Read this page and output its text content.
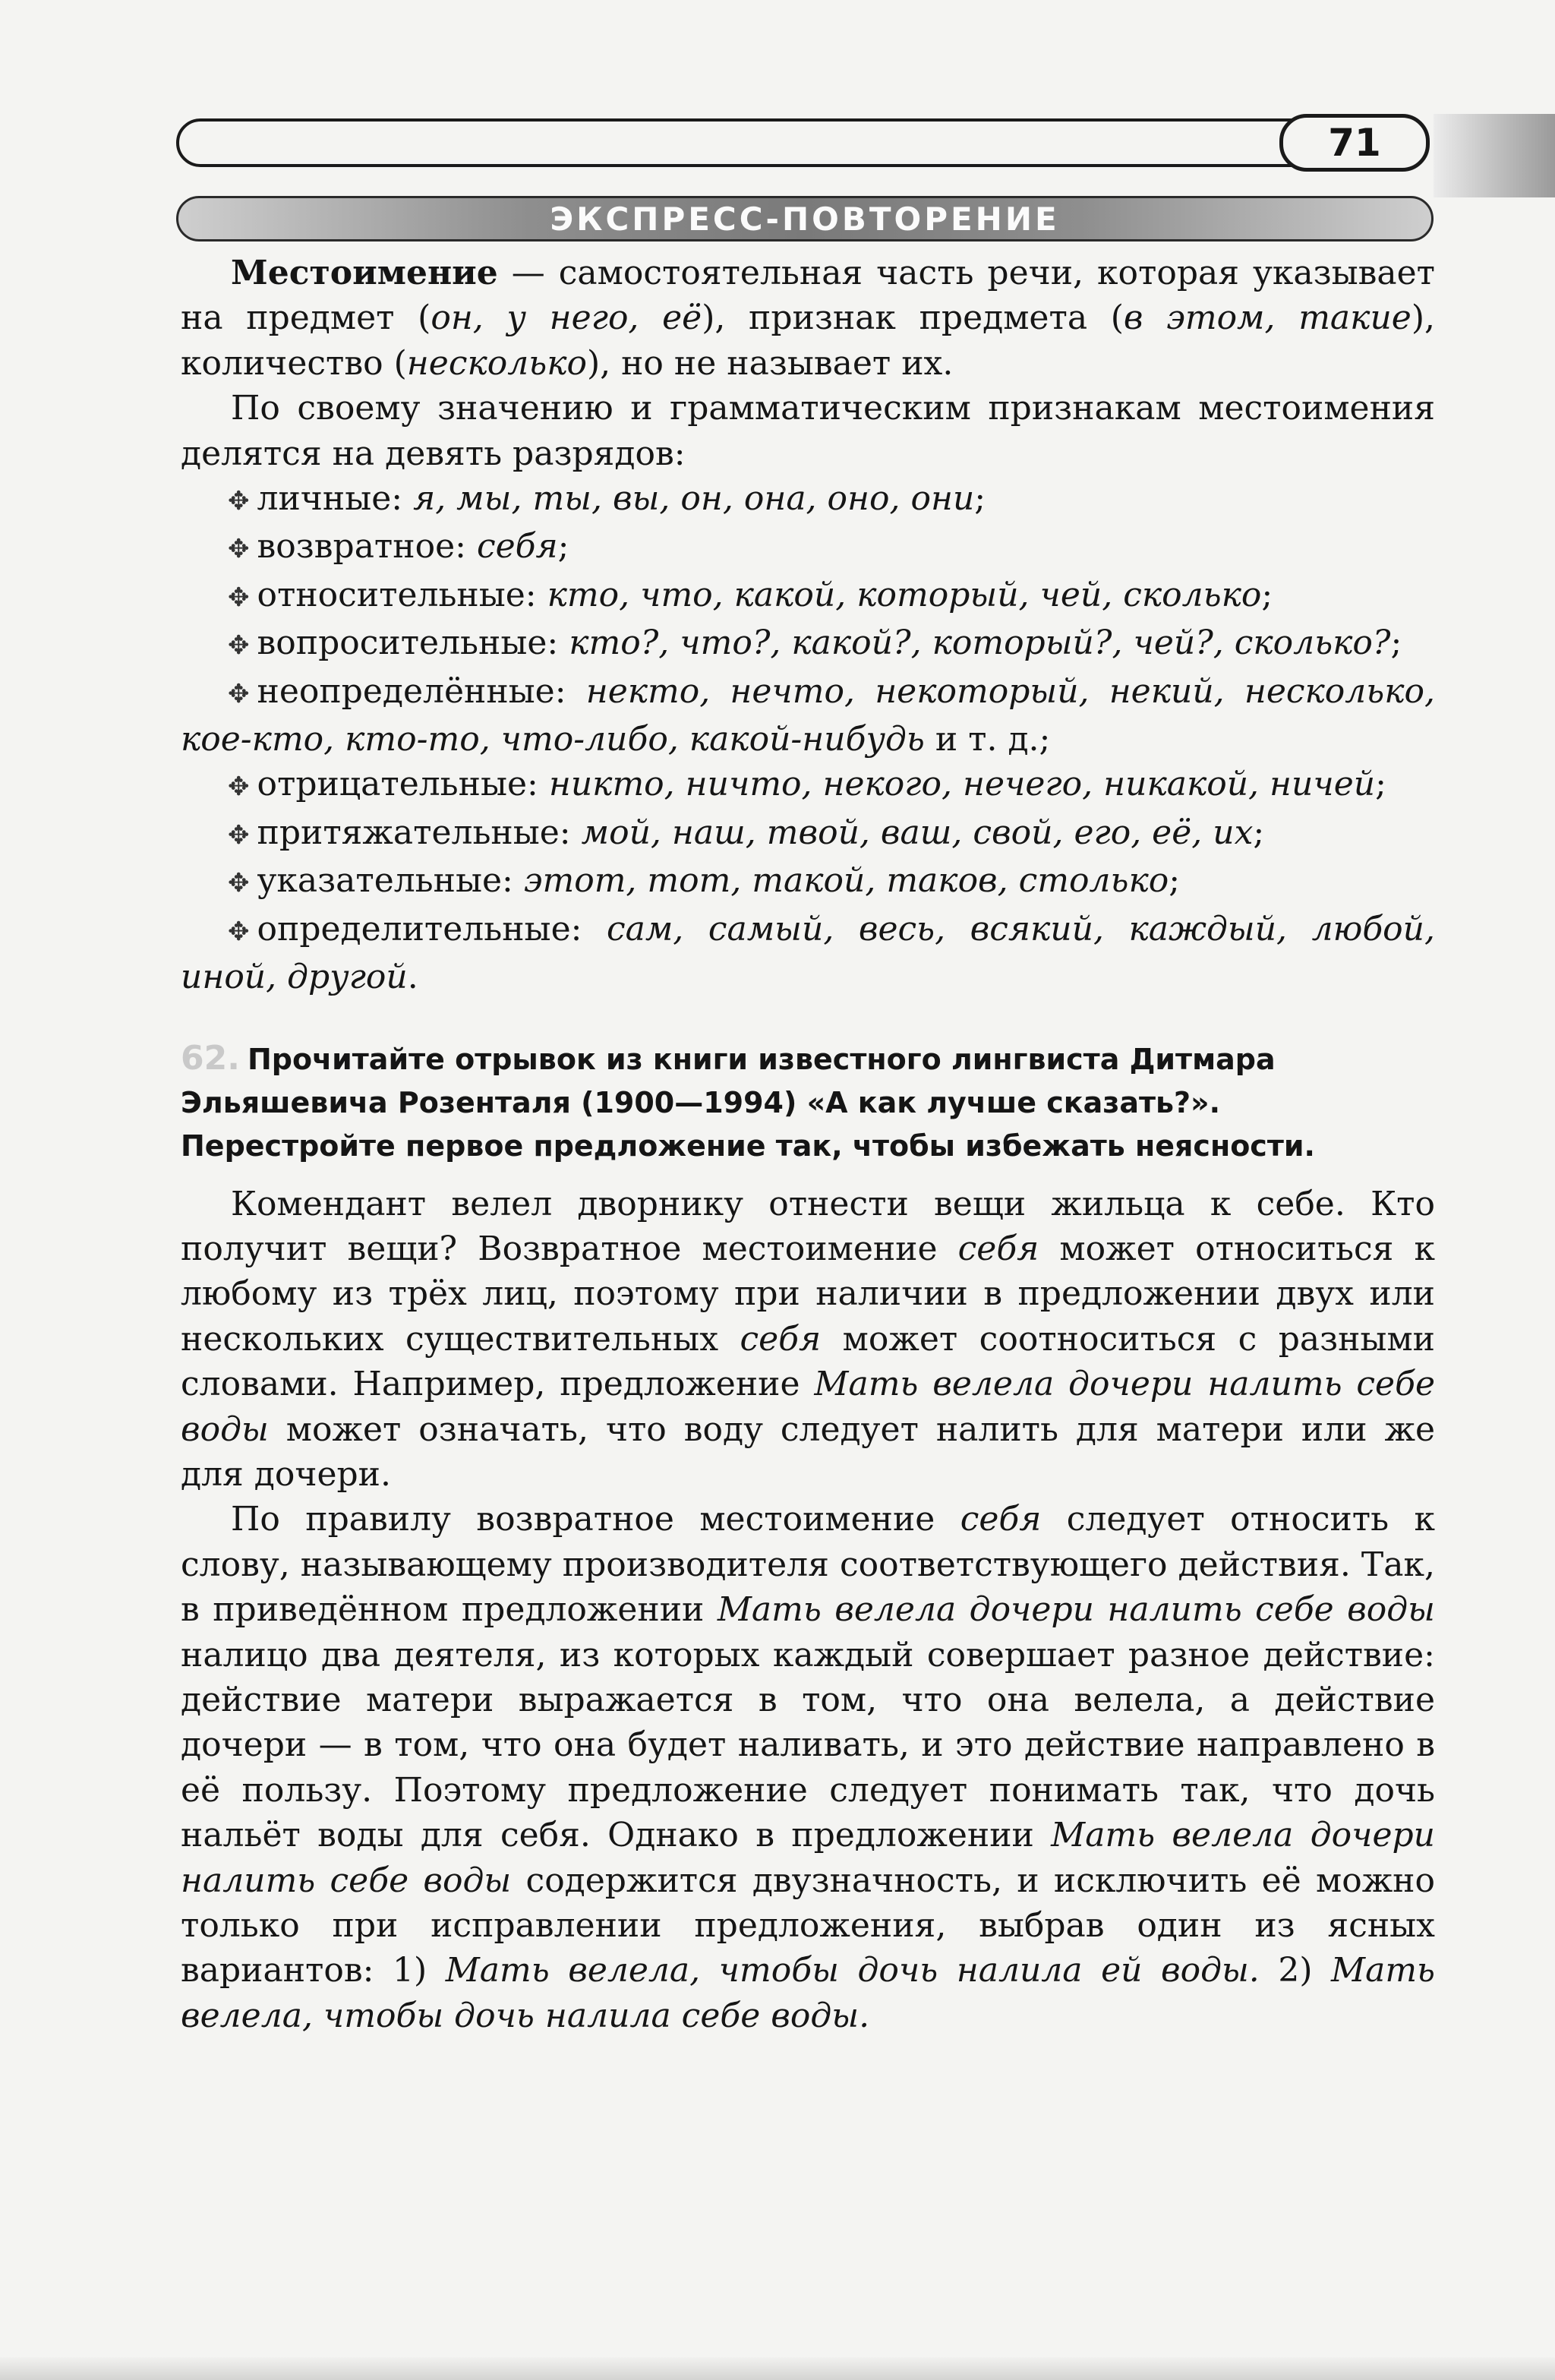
71
ЭКСПРЕСС-ПОВТОРЕНИЕ

Местоимение — самостоятельная часть речи, которая указывает на предмет (он, у него, её), признак предмета (в этом, такие), количество (несколько), но не называет их.

По своему значению и грамматическим признакам местоимения делятся на девять разрядов:

✥ личные: я, мы, ты, вы, он, она, оно, они;

✥ возвратное: себя;

✥ относительные: кто, что, какой, который, чей, сколько;

✥ вопросительные: кто?, что?, какой?, который?, чей?, сколько?;

✥ неопределённые: некто, нечто, некоторый, некий, несколько, кое-кто, кто-то, что-либо, какой-нибудь и т. д.;

✥ отрицательные: никто, ничто, некого, нечего, никакой, ничей;

✥ притяжательные: мой, наш, твой, ваш, свой, его, её, их;

✥ указательные: этот, тот, такой, таков, столько;

✥ определительные: сам, самый, весь, всякий, каждый, любой, иной, другой.

62. Прочитайте отрывок из книги известного лингвиста Дитмара Эльяшевича Розенталя (1900—1994) «А как лучше сказать?». Перестройте первое предложение так, чтобы избежать неясности.

Комендант велел дворнику отнести вещи жильца к себе. Кто получит вещи? Возвратное местоимение себя может относиться к любому из трёх лиц, поэтому при наличии в предложении двух или нескольких существительных себя может соотноситься с разными словами. Например, предложение Мать велела дочери налить себе воды может означать, что воду следует налить для матери или же для дочери.

По правилу возвратное местоимение себя следует относить к слову, называющему производителя соответствующего действия. Так, в приведённом предложении Мать велела дочери налить себе воды налицо два деятеля, из которых каждый совершает разное действие: действие матери выражается в том, что она велела, а действие дочери — в том, что она будет наливать, и это действие направлено в её пользу. Поэтому предложение следует понимать так, что дочь нальёт воды для себя. Однако в предложении Мать велела дочери налить себе воды содержится двузначность, и исключить её можно только при исправлении предложения, выбрав один из ясных вариантов: 1) Мать велела, чтобы дочь налила ей воды. 2) Мать велела, чтобы дочь налила себе воды.
